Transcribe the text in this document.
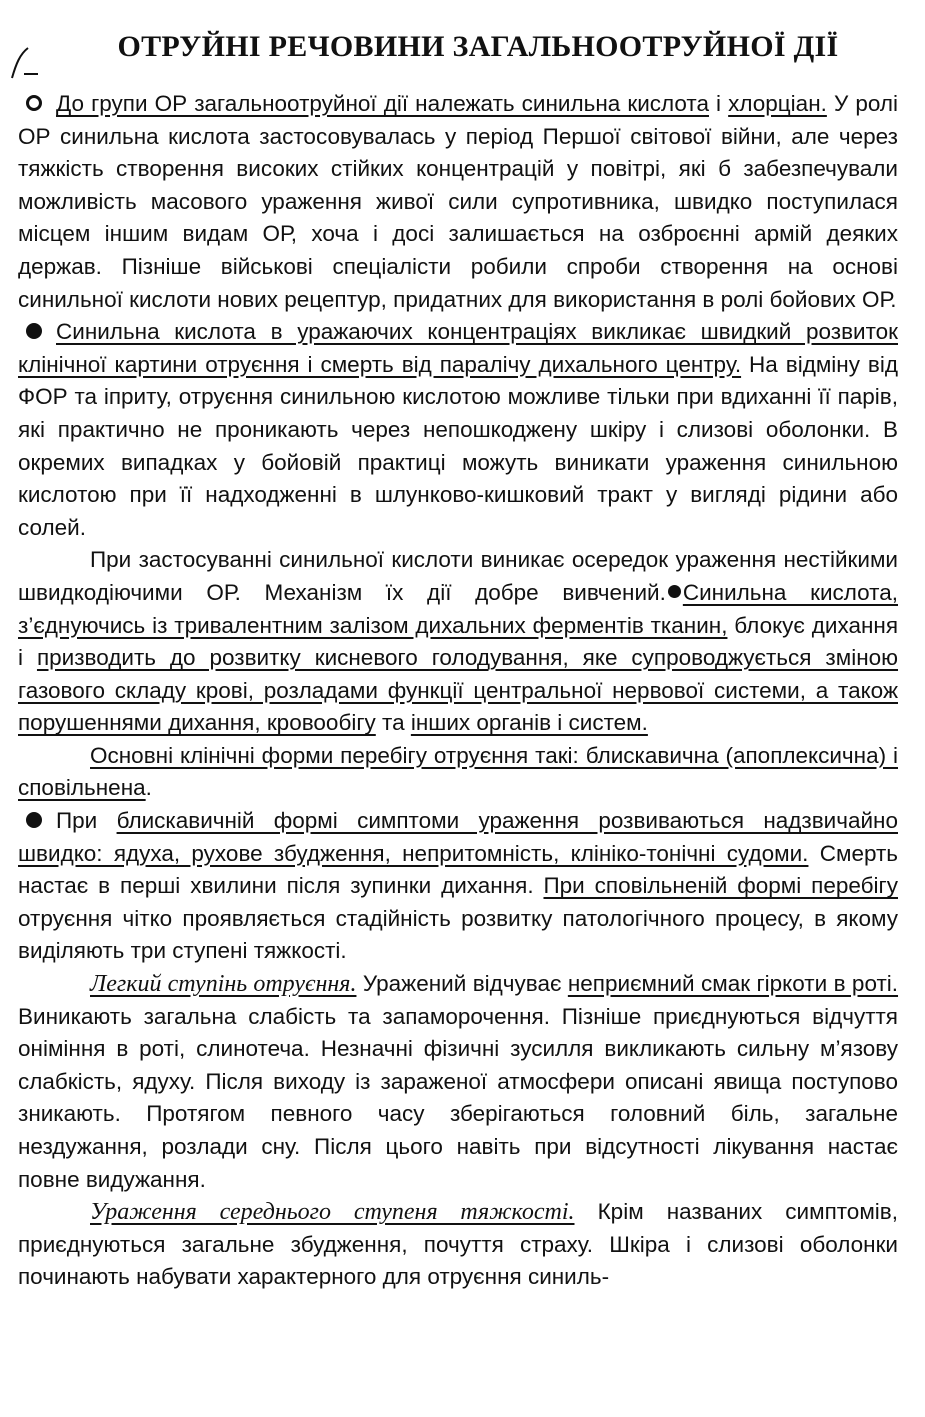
ОТРУЙНІ РЕЧОВИНИ ЗАГАЛЬНООТРУЙНОЇ ДІЇ

До групи ОР загальноотруйної дії належать синильна кислота і хлорціан. У ролі ОР синильна кислота застосовувалась у період Першої світової війни, але через тяжкість створення високих стійких концентрацій у повітрі, які б забезпечували можливість масового ураження живої сили супротивника, швидко поступилася місцем іншим видам ОР, хоча і досі залишається на озброєнні армій деяких держав. Пізніше військові спеціалісти робили спроби створення на основі синильної кислоти нових рецептур, придатних для використання в ролі бойових ОР.

Синильна кислота в уражаючих концентраціях викликає швидкий розвиток клінічної картини отруєння і смерть від паралічу дихального центру. На відміну від ФОР та іприту, отруєння синильною кислотою можливе тільки при вдиханні її парів, які практично не проникають через непошкоджену шкіру і слизові оболонки. В окремих випадках у бойовій практиці можуть виникати ураження синильною кислотою при її надходженні в шлунково-кишковий тракт у вигляді рідини або солей.

При застосуванні синильної кислоти виникає осередок ураження нестійкими швидкодіючими ОР. Механізм їх дії добре вивчений. Синильна кислота, з’єднуючись із тривалентним залізом дихальних ферментів тканин, блокує дихання і призводить до розвитку кисневого голодування, яке супроводжується зміною газового складу крові, розладами функції центральної нервової системи, а також порушеннями дихання, кровообігу та інших органів і систем.

Основні клінічні форми перебігу отруєння такі: блискавична (апоплексична) і сповільнена.

При блискавичній формі симптоми ураження розвиваються надзвичайно швидко: ядуха, рухове збудження, непритомність, клініко-тонічні судоми. Смерть настає в перші хвилини після зупинки дихання. При сповільненій формі перебігу отруєння чітко проявляється стадійність розвитку патологічного процесу, в якому виділяють три ступені тяжкості.

Легкий ступінь отруєння. Уражений відчуває неприємний смак гіркоти в роті. Виникають загальна слабість та запаморочення. Пізніше приєднуються відчуття оніміння в роті, слинотеча. Незначні фізичні зусилля викликають сильну м’язову слабкість, ядуху. Після виходу із зараженої атмосфери описані явища поступово зникають. Протягом певного часу зберігаються головний біль, загальне нездужання, розлади сну. Після цього навіть при відсутності лікування настає повне видужання.

Ураження середнього ступеня тяжкості. Крім названих симптомів, приєднуються загальне збудження, почуття страху. Шкіра і слизові оболонки починають набувати характерного для отруєння синиль-
